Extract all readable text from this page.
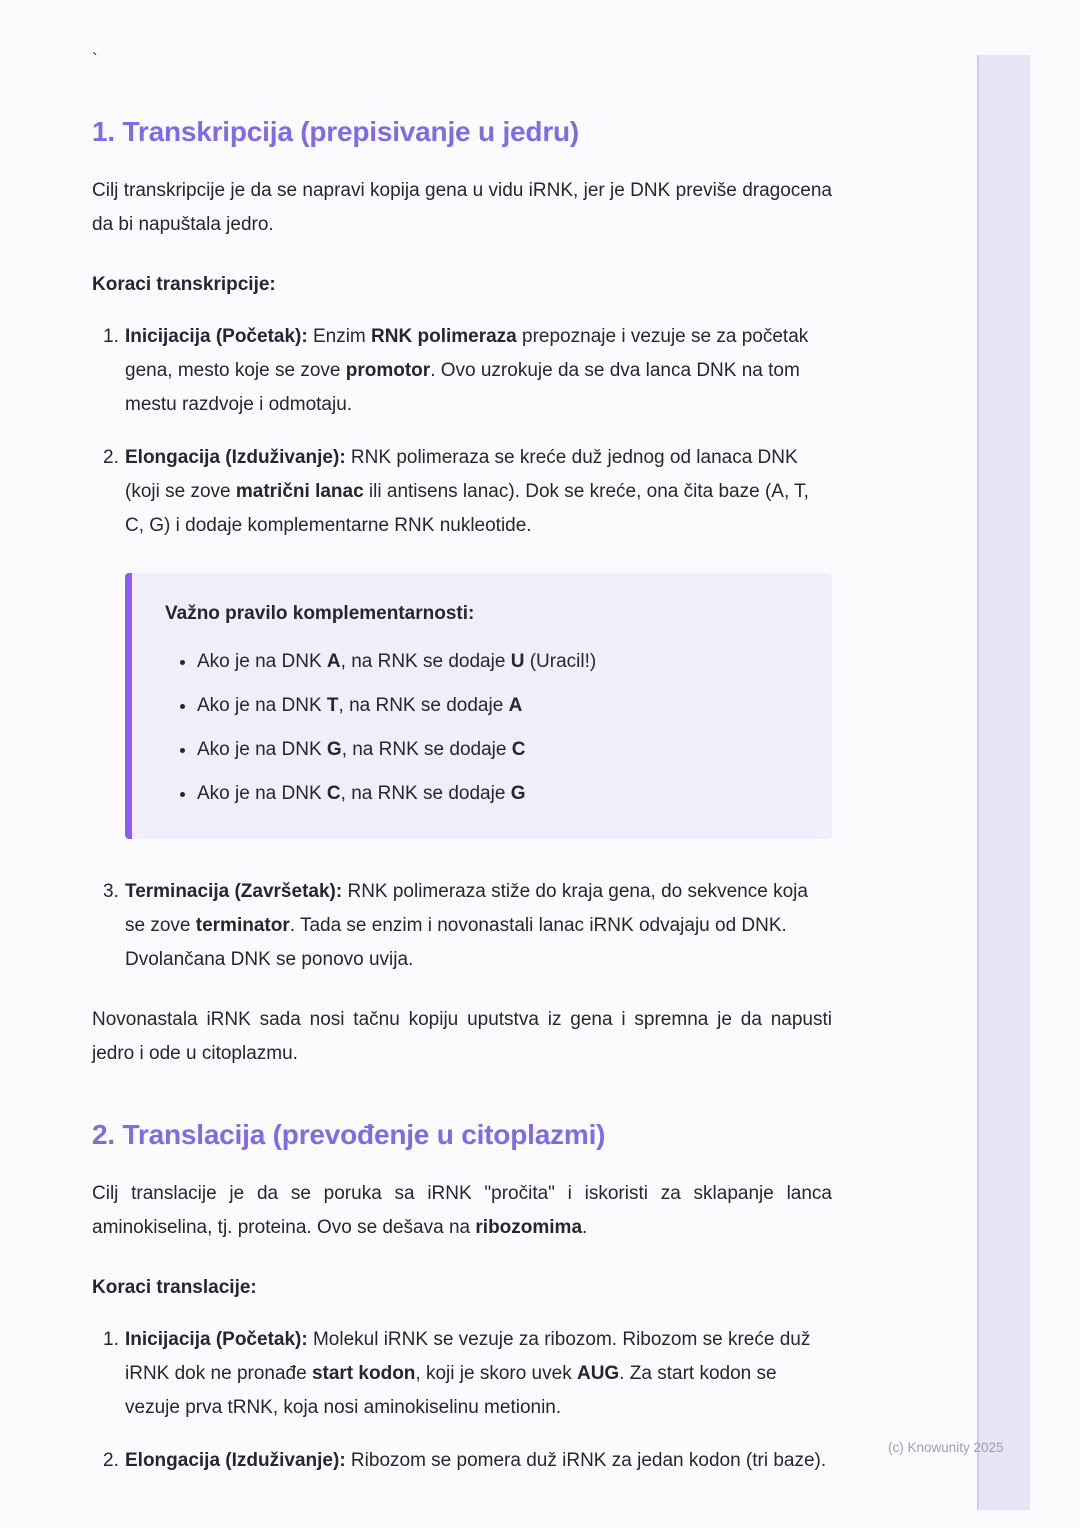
`
1. Transkripcija (prepisivanje u jedru)

Cilj transkripcije je da se napravi kopija gena u vidu iRNK, jer je DNK previše dragocena da bi napuštala jedro.

Koraci transkripcije:

1. Inicijacija (Početak): Enzim RNK polimeraza prepoznaje i vezuje se za početak gena, mesto koje se zove promotor. Ovo uzrokuje da se dva lanca DNK na tom mestu razdvoje i odmotaju.
2. Elongacija (Izduživanje): RNK polimeraza se kreće duž jednog od lanaca DNK (koji se zove matrični lanac ili antisens lanac). Dok se kreće, ona čita baze (A, T, C, G) i dodaje komplementarne RNK nukleotide.

Važno pravilo komplementarnosti:

• Ako je na DNK A, na RNK se dodaje U (Uracil!)
• Ako je na DNK T, na RNK se dodaje A
• Ako je na DNK G, na RNK se dodaje C
• Ako je na DNK C, na RNK se dodaje G
3. Terminacija (Završetak): RNK polimeraza stiže do kraja gena, do sekvence koja se zove terminator. Tada se enzim i novonastali lanac iRNK odvajaju od DNK. Dvolančana DNK se ponovo uvija.

Novonastala iRNK sada nosi tačnu kopiju uputstva iz gena i spremna je da napusti jedro i ode u citoplazmu.

2. Translacija (prevođenje u citoplazmi)

Cilj translacije je da se poruka sa iRNK "pročita" i iskoristi za sklapanje lanca aminokiselina, tj. proteina. Ovo se dešava na ribozomima.

Koraci translacije:

1. Inicijacija (Početak): Molekul iRNK se vezuje za ribozom. Ribozom se kreće duž iRNK dok ne pronađe start kodon, koji je skoro uvek AUG. Za start kodon se vezuje prva tRNK, koja nosi aminokiselinu metionin.
2. Elongacija (Izduživanje): Ribozom se pomera duž iRNK za jedan kodon (tri baze).
(c) Knowunity 2025
